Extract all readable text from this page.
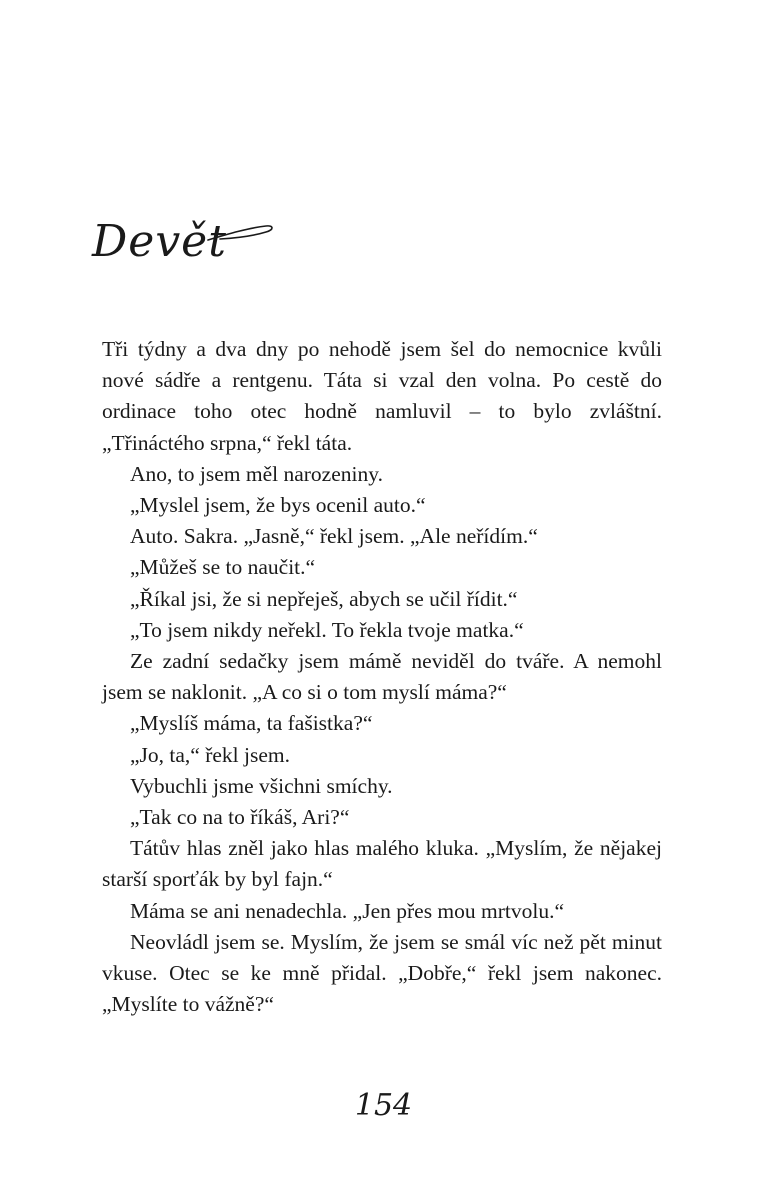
Devět

Tři týdny a dva dny po nehodě jsem šel do nemocnice kvůli nové sádře a rentgenu. Táta si vzal den volna. Po cestě do ordinace toho otec hodně namluvil – to bylo zvláštní. „Třináctého srpna,“ řekl táta.

Ano, to jsem měl narozeniny.

„Myslel jsem, že bys ocenil auto.“

Auto. Sakra. „Jasně,“ řekl jsem. „Ale neřídím.“

„Můžeš se to naučit.“

„Říkal jsi, že si nepřeješ, abych se učil řídit.“

„To jsem nikdy neřekl. To řekla tvoje matka.“

Ze zadní sedačky jsem mámě neviděl do tváře. A nemohl jsem se naklonit. „A co si o tom myslí máma?“

„Myslíš máma, ta fašistka?“

„Jo, ta,“ řekl jsem.

Vybuchli jsme všichni smíchy.

„Tak co na to říkáš, Ari?“

Tátův hlas zněl jako hlas malého kluka. „Myslím, že nějakej starší sporťák by byl fajn.“

Máma se ani nenadechla. „Jen přes mou mrtvolu.“

Neovládl jsem se. Myslím, že jsem se smál víc než pět minut vkuse. Otec se ke mně přidal. „Dobře,“ řekl jsem nakonec. „Myslíte to vážně?“

154
